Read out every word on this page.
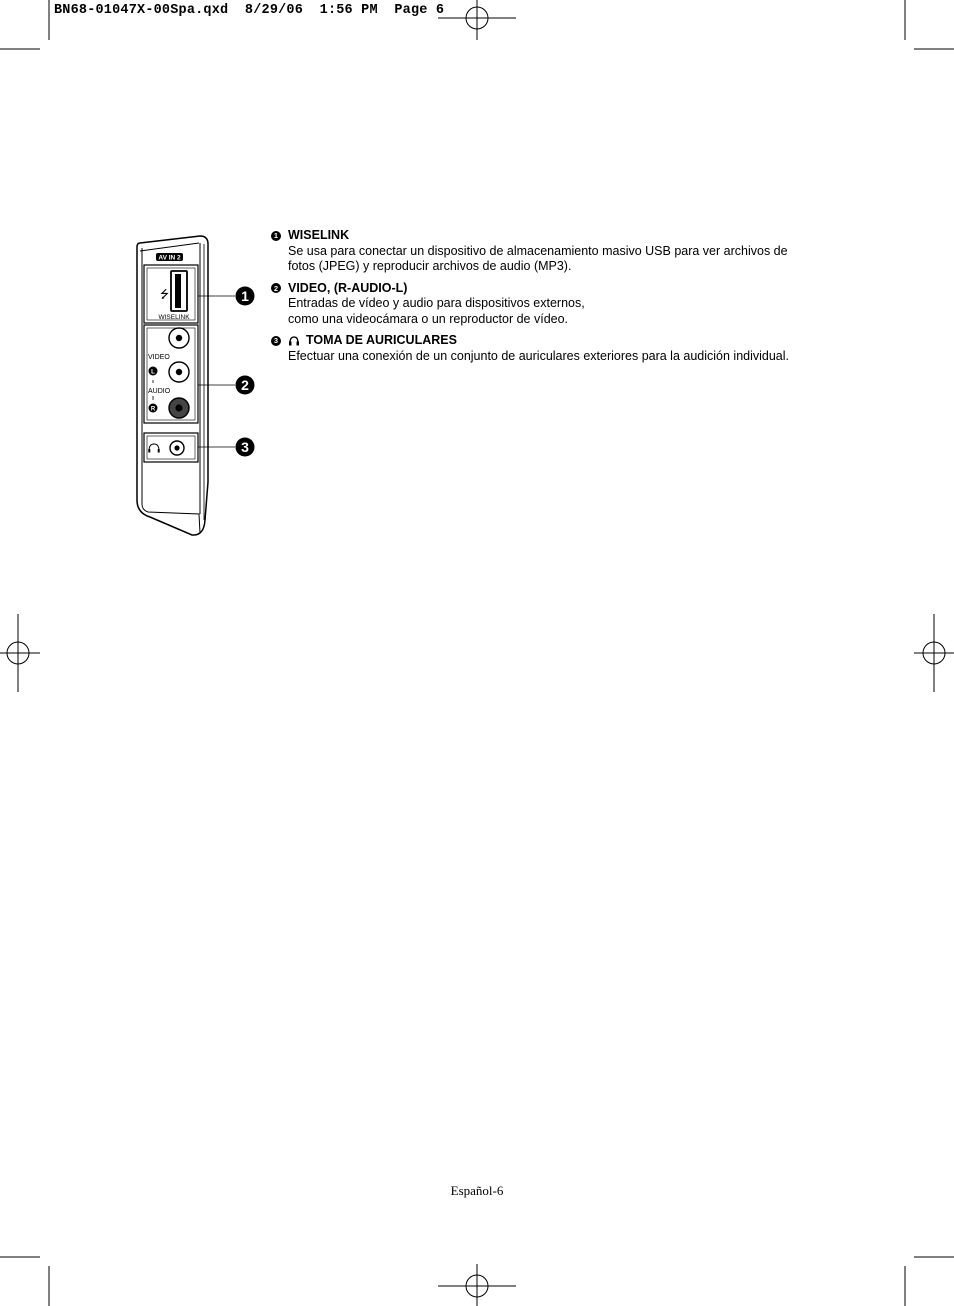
BN68-01047X-00Spa.qxd  8/29/06  1:56 PM  Page 6
AV IN 2
⭍
WISELINK
VIDEO
L
AUDIO
R
1
2
3
1 WISELINK
Se usa para conectar un dispositivo de almacenamiento masivo USB para ver archivos de
fotos (JPEG) y reproducir archivos de audio (MP3).
2 VIDEO, (R-AUDIO-L)
Entradas de vídeo y audio para dispositivos externos,
como una videocámara o un reproductor de vídeo.
3 TOMA DE AURICULARES
Efectuar una conexión de un conjunto de auriculares exteriores para la audición individual.
Español-6
